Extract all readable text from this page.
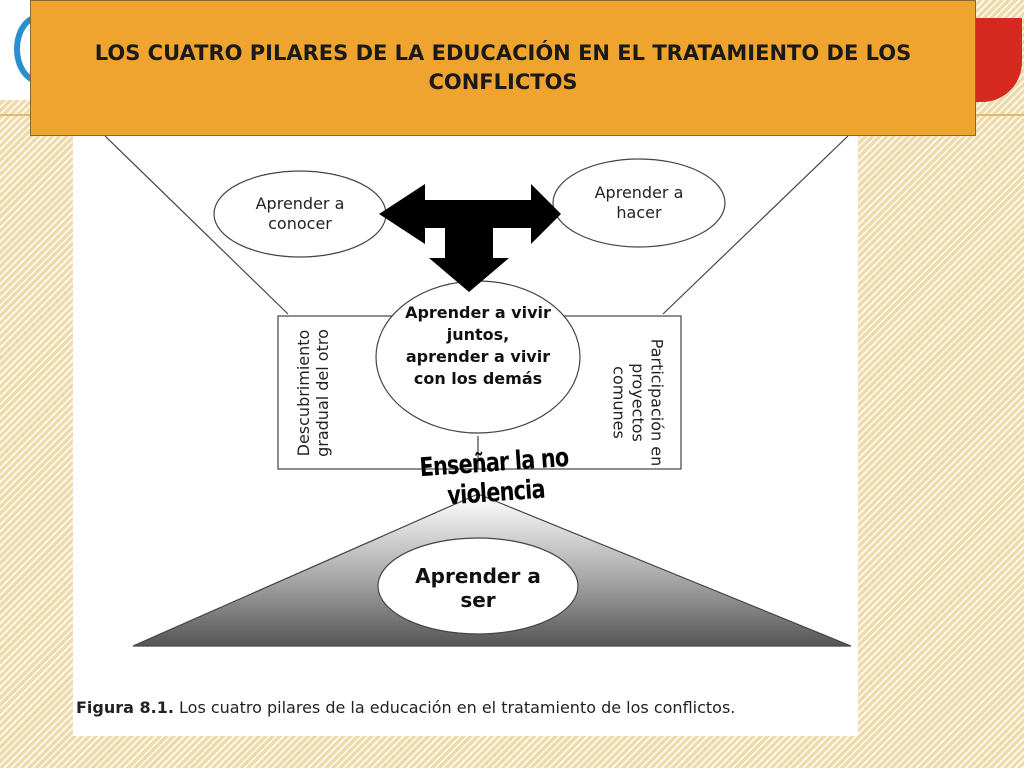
Aprender a conocer
Aprender a hacer
Aprender a vivir juntos, aprender a vivir con los demás
Aprender a ser
Descubrimiento gradual del otro	Participación en proyectos comunes
Enseñar la no violencia
Figura 8.1. Los cuatro pilares de la educación en el tratamiento de los conflictos.
LOS CUATRO PILARES DE LA EDUCACIÓN EN EL TRATAMIENTO DE LOS CONFLICTOS
